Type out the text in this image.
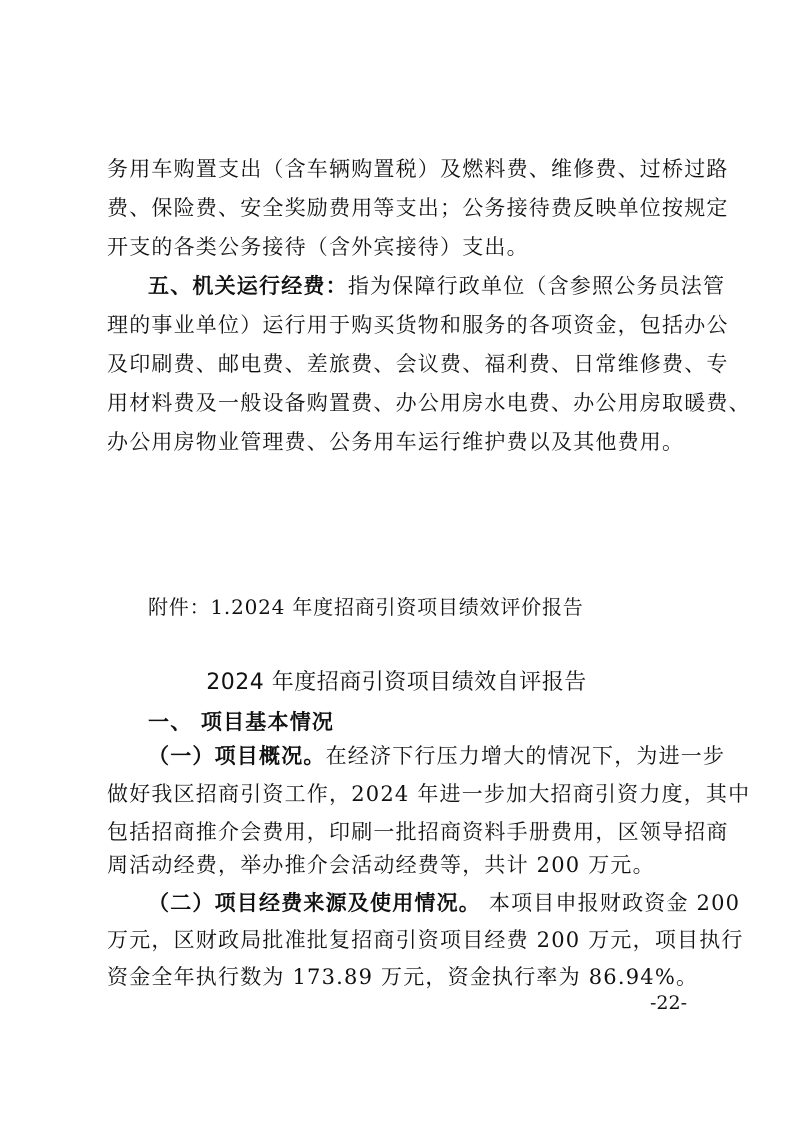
务用车购置支出（含车辆购置税）及燃料费、维修费、过桥过路
费、保险费、安全奖励费用等支出；公务接待费反映单位按规定
开支的各类公务接待（含外宾接待）支出。
五、机关运行经费：指为保障行政单位（含参照公务员法管
理的事业单位）运行用于购买货物和服务的各项资金，包括办公
及印刷费、邮电费、差旅费、会议费、福利费、日常维修费、专
用材料费及一般设备购置费、办公用房水电费、办公用房取暖费、
办公用房物业管理费、公务用车运行维护费以及其他费用。
附件：1.2024 年度招商引资项目绩效评价报告
2024 年度招商引资项目绩效自评报告
一、 项目基本情况
（一）项目概况。在经济下行压力增大的情况下，为进一步
做好我区招商引资工作，2024 年进一步加大招商引资力度，其中
包括招商推介会费用，印刷一批招商资料手册费用，区领导招商
周活动经费，举办推介会活动经费等，共计 200 万元。
（二）项目经费来源及使用情况。 本项目申报财政资金 200
万元，区财政局批准批复招商引资项目经费 200 万元，项目执行
资金全年执行数为 173.89 万元，资金执行率为 86.94%。
-22-
